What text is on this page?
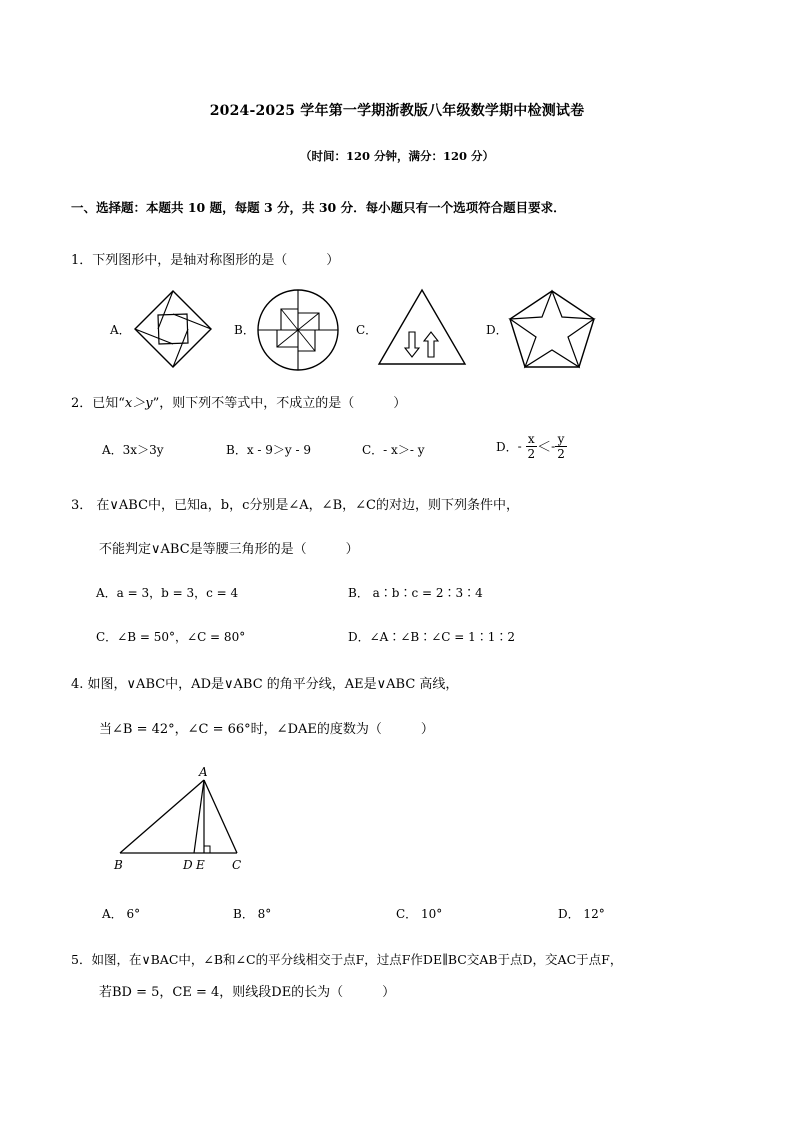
2024-2025 学年第一学期浙教版八年级数学期中检测试卷
（时间：120 分钟，满分：120 分）
一、选择题：本题共 10 题，每题 3 分，共 30 分．每小题只有一个选项符合题目要求．
1．下列图形中，是轴对称图形的是（　　　）
A．	B．	C．	D．
2．已知“x＞y”，则下列不等式中，不成立的是（　　　）
A．3x＞3y	B．x - 9＞y - 9	C．- x＞- y	D．- $\frac{x}{2} <- \frac{y}{2}$
3． 在∨ABC中，已知a，b，c分别是∠A，∠B，∠C的对边，则下列条件中，
不能判定∨ABC是等腰三角形的是（　　　）
A．a = 3，b = 3，c = 4	B． a∶b∶c = 2∶3∶4
C．∠B = 50°，∠C = 80°	D．∠A∶∠B∶∠C = 1∶1∶2
4. 如图，∨ABC中，AD是∨ABC 的角平分线，AE是∨ABC 高线，
当∠B = 42°，∠C = 66°时，∠DAE的度数为（　　　）
A
B	D E C
A． 6°	B． 8°	C． 10°	D． 12°
5．如图，在∨BAC中，∠B和∠C的平分线相交于点F，过点F作DE∥BC交AB于点D，交AC于点F，
若BD = 5，CE = 4，则线段DE的长为（　　　）
